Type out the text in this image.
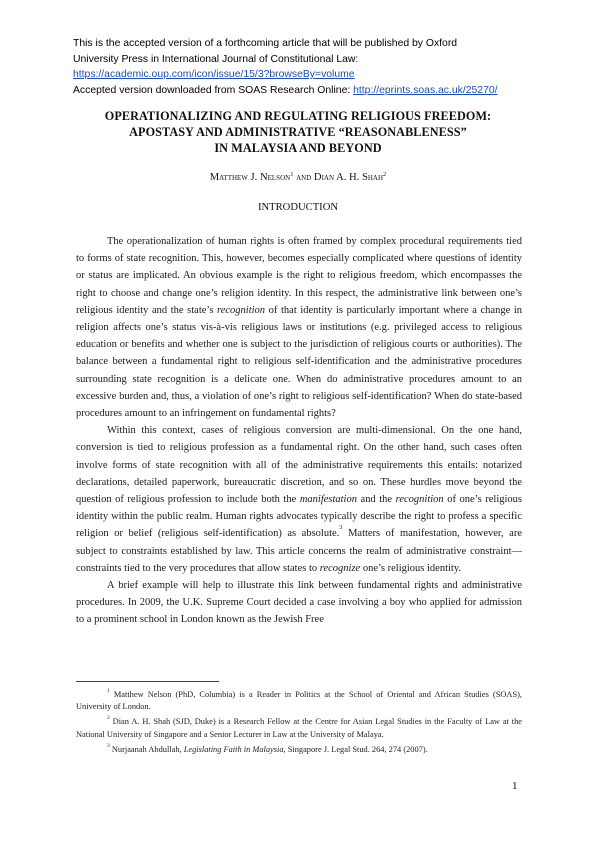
This is the accepted version of a forthcoming article that will be published by Oxford
University Press in International Journal of Constitutional Law:
https://academic.oup.com/icon/issue/15/3?browseBy=volume
Accepted version downloaded from SOAS Research Online: http://eprints.soas.ac.uk/25270/
OPERATIONALIZING AND REGULATING RELIGIOUS FREEDOM:
APOSTASY AND ADMINISTRATIVE “REASONABLENESS”
IN MALAYSIA AND BEYOND
Matthew J. Nelson$^1$ and Dian A. H. Shah$^2$
INTRODUCTION

The operationalization of human rights is often framed by complex procedural requirements tied to forms of state recognition. This, however, becomes especially complicated where questions of identity or status are implicated. An obvious example is the right to religious freedom, which encompasses the right to choose and change one’s religion identity. In this respect, the administrative link between one’s religious identity and the state’s recognition of that identity is particularly important where a change in religion affects one’s status vis-à-vis religious laws or institutions (e.g. privileged access to religious education or benefits and whether one is subject to the jurisdiction of religious courts or authorities). The balance between a fundamental right to religious self-identification and the administrative procedures surrounding state recognition is a delicate one. When do administrative procedures amount to an excessive burden and, thus, a violation of one’s right to religious self-identification? When do state-based procedures amount to an infringement on fundamental rights?

Within this context, cases of religious conversion are multi-dimensional. On the one hand, conversion is tied to religious profession as a fundamental right. On the other hand, such cases often involve forms of state recognition with all of the administrative requirements this entails: notarized declarations, detailed paperwork, bureaucratic discretion, and so on. These hurdles move beyond the question of religious profession to include both the manifestation and the recognition of one’s religious identity within the public realm. Human rights advocates typically describe the right to profess a specific religion or belief (religious self-identification) as absolute.$^3$ Matters of manifestation, however, are subject to constraints established by law. This article concerns the realm of administrative constraint—constraints tied to the very procedures that allow states to recognize one’s religious identity.

A brief example will help to illustrate this link between fundamental rights and administrative procedures. In 2009, the U.K. Supreme Court decided a case involving a boy who applied for admission to a prominent school in London known as the Jewish Free

$^1$ Matthew Nelson (PhD, Columbia) is a Reader in Politics at the School of Oriental and African Studies (SOAS), University of London.

$^2$ Dian A. H. Shah (SJD, Duke) is a Research Fellow at the Centre for Asian Legal Studies in the Faculty of Law at the National University of Singapore and a Senior Lecturer in Law at the University of Malaya.

$^3$ Nurjaanah Abdullah, Legislating Faith in Malaysia, Singapore J. Legal Stud. 264, 274 (2007).

1
